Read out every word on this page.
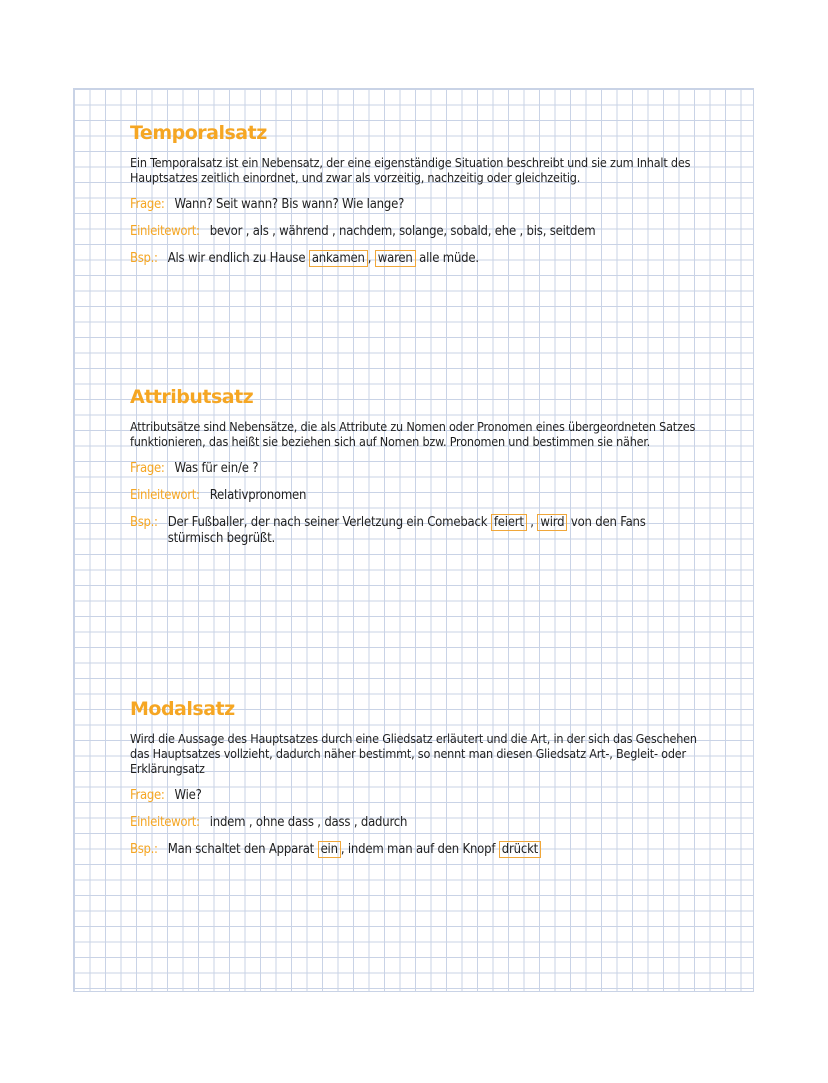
Temporalsatz
Ein Temporalsatz ist ein Nebensatz, der eine eigenständige Situation beschreibt und sie zum Inhalt des Hauptsatzes zeitlich einordnet, und zwar als vorzeitig, nachzeitig oder gleichzeitig.
Frage: Wann? Seit wann? Bis wann? Wie lange?
Einleitewort: bevor , als , während , nachdem, solange, sobald, ehe , bis, seitdem
Bsp.: Als wir endlich zu Hause ankamen , waren alle müde.
Attributsatz
Attributsätze sind Nebensätze, die als Attribute zu Nomen oder Pronomen eines übergeordneten Satzes funktionieren, das heißt sie beziehen sich auf Nomen bzw. Pronomen und bestimmen sie näher.
Frage: Was für ein/e ?
Einleitewort: Relativpronomen
Bsp.: Der Fußballer, der nach seiner Verletzung ein Comeback feiert , wird von den Fans stürmisch begrüßt.
Modalsatz
Wird die Aussage des Hauptsatzes durch eine Gliedsatz erläutert und die Art, in der sich das Geschehen das Hauptsatzes vollzieht, dadurch näher bestimmt, so nennt man diesen Gliedsatz Art-, Begleit- oder Erklärungsatz
Frage: Wie?
Einleitewort: indem , ohne dass , dass , dadurch
Bsp.: Man schaltet den Apparat ein , indem man auf den Knopf drückt
